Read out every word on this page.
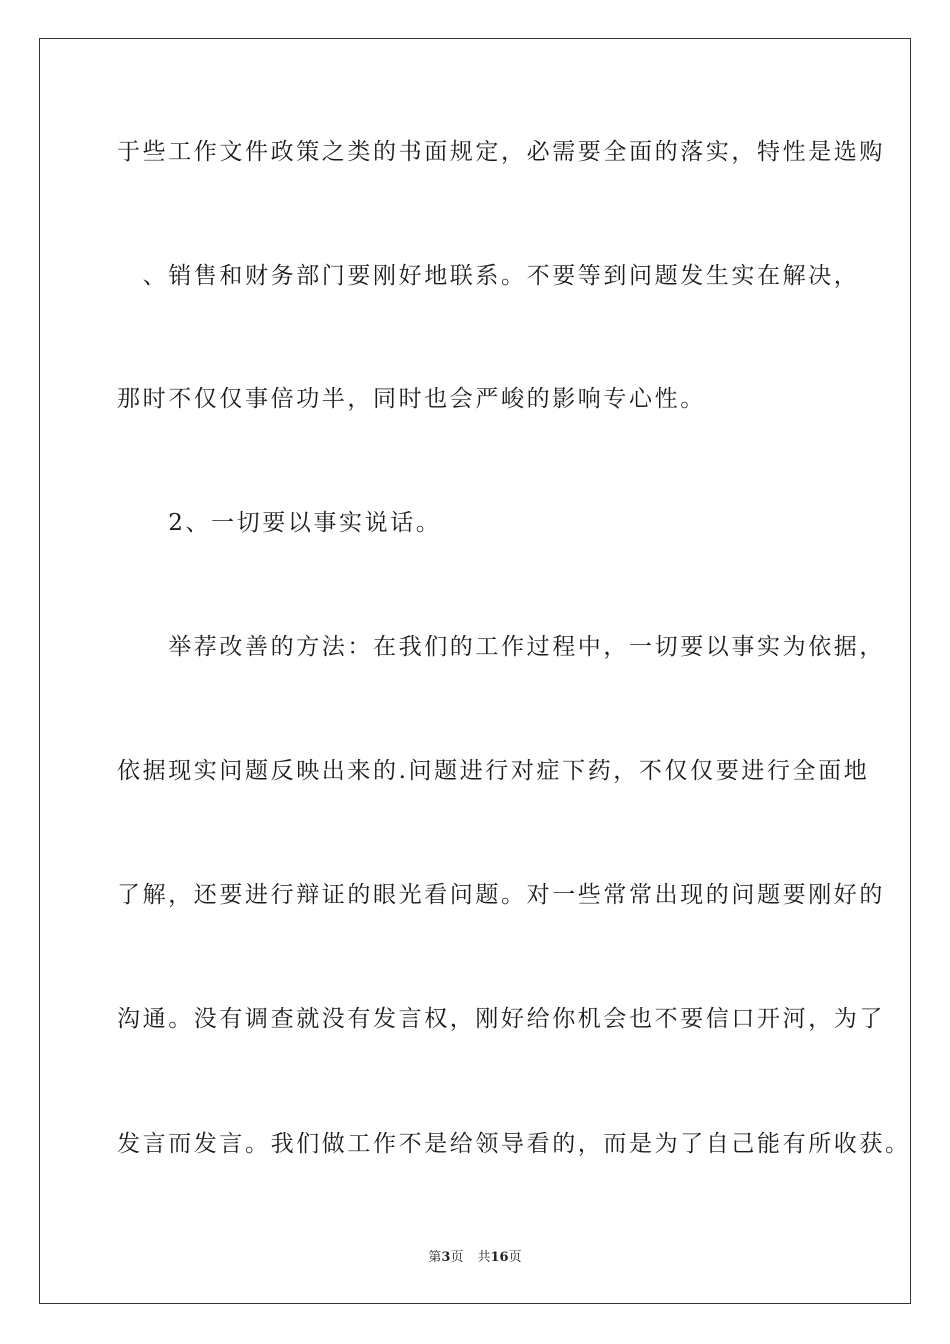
于些工作文件政策之类的书面规定，必需要全面的落实，特性是选购
　、销售和财务部门要刚好地联系。不要等到问题发生实在解决，
那时不仅仅事倍功半，同时也会严峻的影响专心性。
　　2、一切要以事实说话。
　　举荐改善的方法：在我们的工作过程中，一切要以事实为依据，
依据现实问题反映出来的.问题进行对症下药，不仅仅要进行全面地
了解，还要进行辩证的眼光看问题。对一些常常出现的问题要刚好的
沟通。没有调查就没有发言权，刚好给你机会也不要信口开河，为了
发言而发言。我们做工作不是给领导看的，而是为了自己能有所收获。
第3页 共16页
